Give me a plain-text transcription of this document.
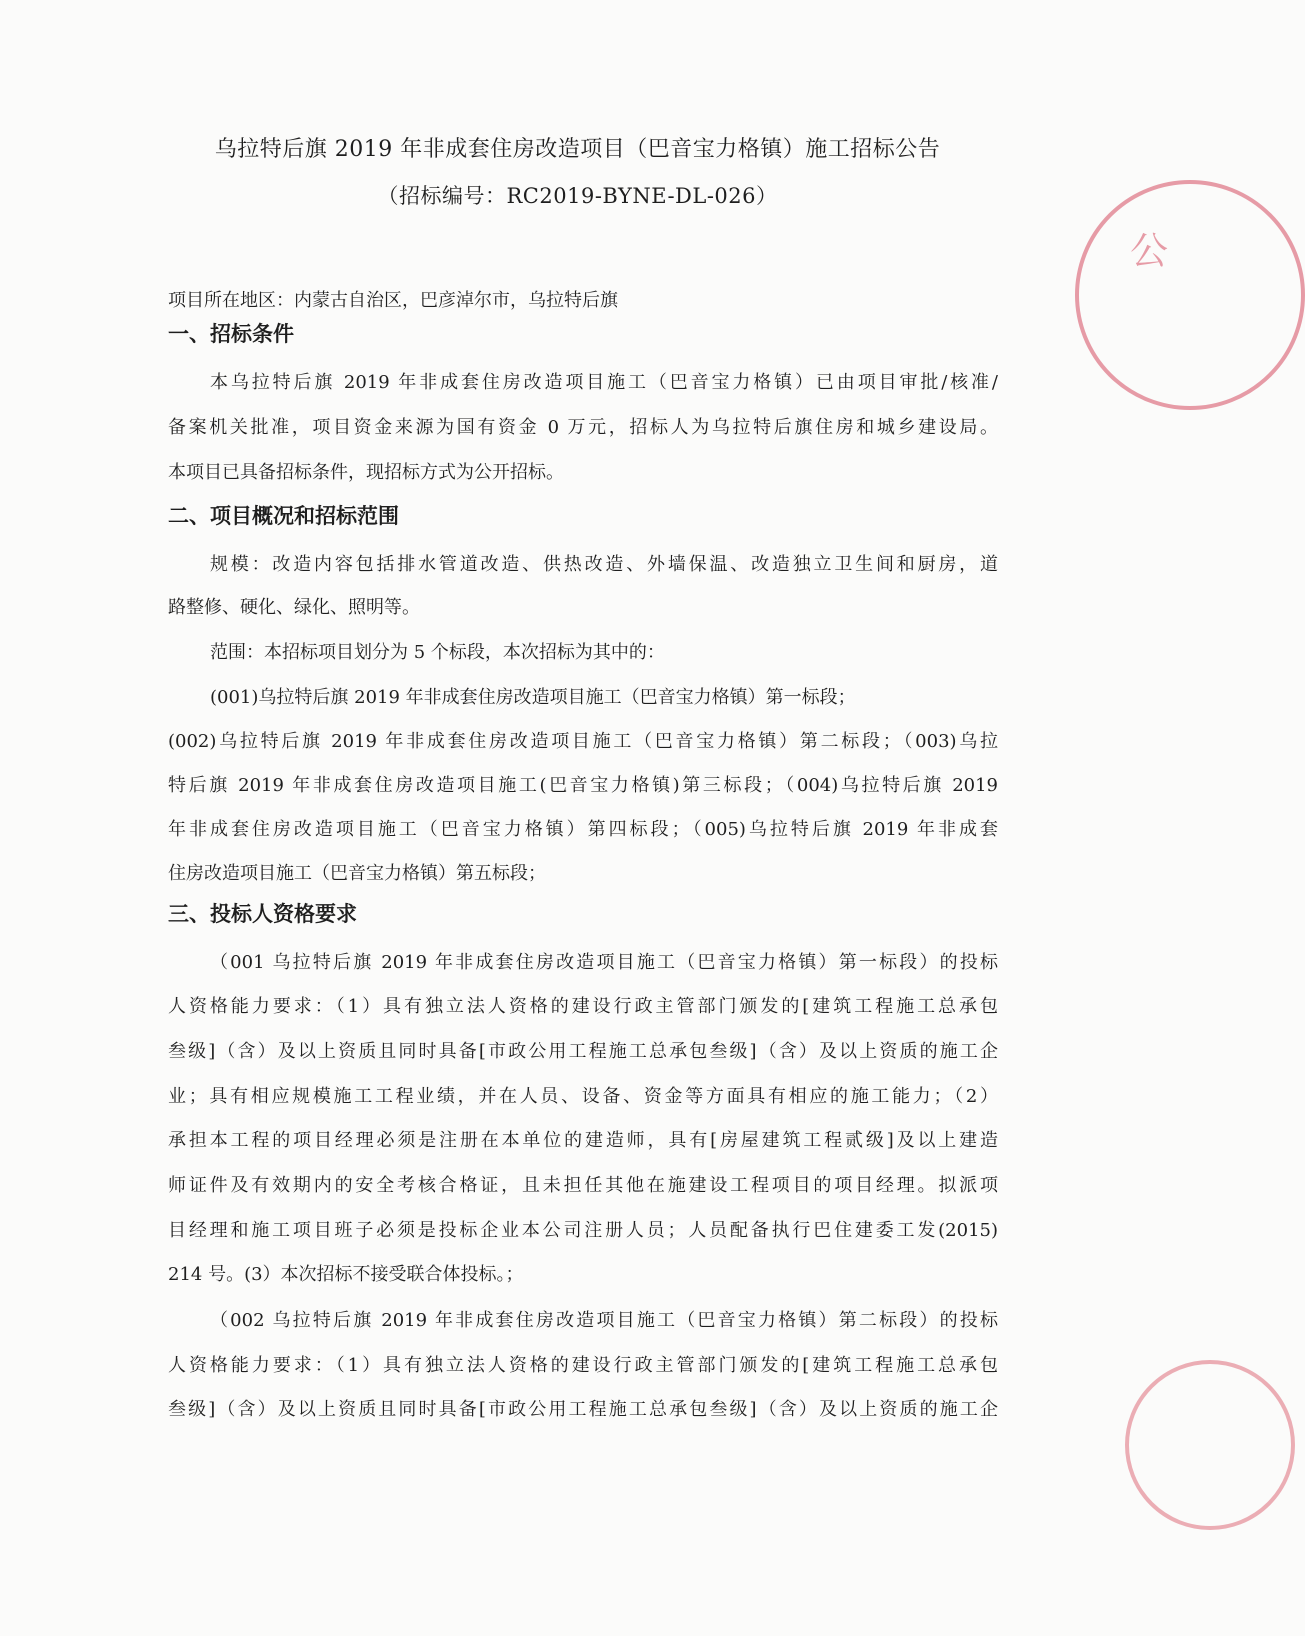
公
乌拉特后旗 2019 年非成套住房改造项目（巴音宝力格镇）施工招标公告
（招标编号：RC2019-BYNE-DL-026）
项目所在地区：内蒙古自治区，巴彦淖尔市，乌拉特后旗
一、招标条件
本乌拉特后旗 2019 年非成套住房改造项目施工（巴音宝力格镇）已由项目审批/核准/
备案机关批准，项目资金来源为国有资金 0 万元，招标人为乌拉特后旗住房和城乡建设局。
本项目已具备招标条件，现招标方式为公开招标。
二、项目概况和招标范围
规模：改造内容包括排水管道改造、供热改造、外墙保温、改造独立卫生间和厨房，道
路整修、硬化、绿化、照明等。
范围：本招标项目划分为 5 个标段，本次招标为其中的：
(001)乌拉特后旗 2019 年非成套住房改造项目施工（巴音宝力格镇）第一标段；
(002)乌拉特后旗 2019 年非成套住房改造项目施工（巴音宝力格镇）第二标段；（003)乌拉
特后旗 2019 年非成套住房改造项目施工(巴音宝力格镇)第三标段；（004)乌拉特后旗 2019
年非成套住房改造项目施工（巴音宝力格镇）第四标段；（005)乌拉特后旗 2019 年非成套
住房改造项目施工（巴音宝力格镇）第五标段；
三、投标人资格要求
（001 乌拉特后旗 2019 年非成套住房改造项目施工（巴音宝力格镇）第一标段）的投标
人资格能力要求：（1）具有独立法人资格的建设行政主管部门颁发的[建筑工程施工总承包
叁级]（含）及以上资质且同时具备[市政公用工程施工总承包叁级]（含）及以上资质的施工企
业；具有相应规模施工工程业绩，并在人员、设备、资金等方面具有相应的施工能力；（2）
承担本工程的项目经理必须是注册在本单位的建造师，具有[房屋建筑工程贰级]及以上建造
师证件及有效期内的安全考核合格证，且未担任其他在施建设工程项目的项目经理。拟派项
目经理和施工项目班子必须是投标企业本公司注册人员；人员配备执行巴住建委工发(2015)
214 号。(3）本次招标不接受联合体投标。；
（002 乌拉特后旗 2019 年非成套住房改造项目施工（巴音宝力格镇）第二标段）的投标
人资格能力要求：（1）具有独立法人资格的建设行政主管部门颁发的[建筑工程施工总承包
叁级]（含）及以上资质且同时具备[市政公用工程施工总承包叁级]（含）及以上资质的施工企
